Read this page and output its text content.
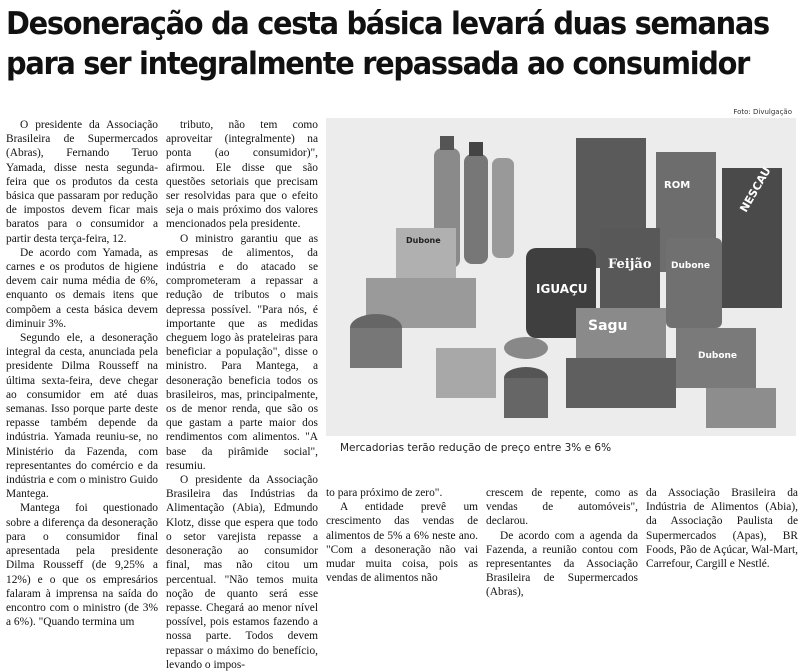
Desoneração da cesta básica levará duas semanas
para ser integralmente repassada ao consumidor

O presidente da Associação Brasileira de Supermercados (Abras), Fernando Teruo Yamada, disse nesta segunda-feira que os produtos da cesta básica que passaram por redução de impostos devem ficar mais baratos para o consumidor a partir desta terça-feira, 12.

De acordo com Yamada, as carnes e os produtos de higiene devem cair numa média de 6%, enquanto os demais itens que compõem a cesta básica devem diminuir 3%.

Segundo ele, a desoneração integral da cesta, anunciada pela presidente Dilma Rousseff na última sexta-feira, deve chegar ao consumidor em até duas semanas. Isso porque parte deste repasse também depende da indústria. Yamada reuniu-se, no Ministério da Fazenda, com representantes do comércio e da indústria e com o ministro Guido Mantega.

Mantega foi questionado sobre a diferença da desoneração para o consumidor final apresentada pela presidente Dilma Rousseff (de 9,25% a 12%) e o que os empresários falaram à imprensa na saída do encontro com o ministro (de 3% a 6%). "Quando termina um

tributo, não tem como aproveitar (integralmente) na ponta (ao consumidor)", afirmou. Ele disse que são questões setoriais que precisam ser resolvidas para que o efeito seja o mais próximo dos valores mencionados pela presidente.

O ministro garantiu que as empresas de alimentos, da indústria e do atacado se comprometeram a repassar a redução de tributos o mais depressa possível. "Para nós, é importante que as medidas cheguem logo às prateleiras para beneficiar a população", disse o ministro. Para Mantega, a desoneração beneficia todos os brasileiros, mas, principalmente, os de menor renda, que são os que gastam a parte maior dos rendimentos com alimentos. "A base da pirâmide social", resumiu.

O presidente da Associação Brasileira das Indústrias da Alimentação (Abia), Edmundo Klotz, disse que espera que todo o setor varejista repasse a desoneração ao consumidor final, mas não citou um percentual. "Não temos muita noção de quanto será esse repasse. Chegará ao menor nível possível, pois estamos fazendo a nossa parte. Todos devem repassar o máximo do benefício, levando o impos-

Foto: Divulgação
IGUAÇU
Feijão Dubone
Dubone
Sagu
NESCAU
ROM
Dubone
Mercadorias terão redução de preço entre 3% e 6%

to para próximo de zero".

A entidade prevê um crescimento das vendas de alimentos de 5% a 6% neste ano. "Com a desoneração não vai mudar muita coisa, pois as vendas de alimentos não

crescem de repente, como as vendas de automóveis", declarou.

De acordo com a agenda da Fazenda, a reunião contou com representantes da Associação Brasileira de Supermercados (Abras),

da Associação Brasileira da Indústria de Alimentos (Abia), da Associação Paulista de Supermercados (Apas), BR Foods, Pão de Açúcar, Wal-Mart, Carrefour, Cargill e Nestlé.
